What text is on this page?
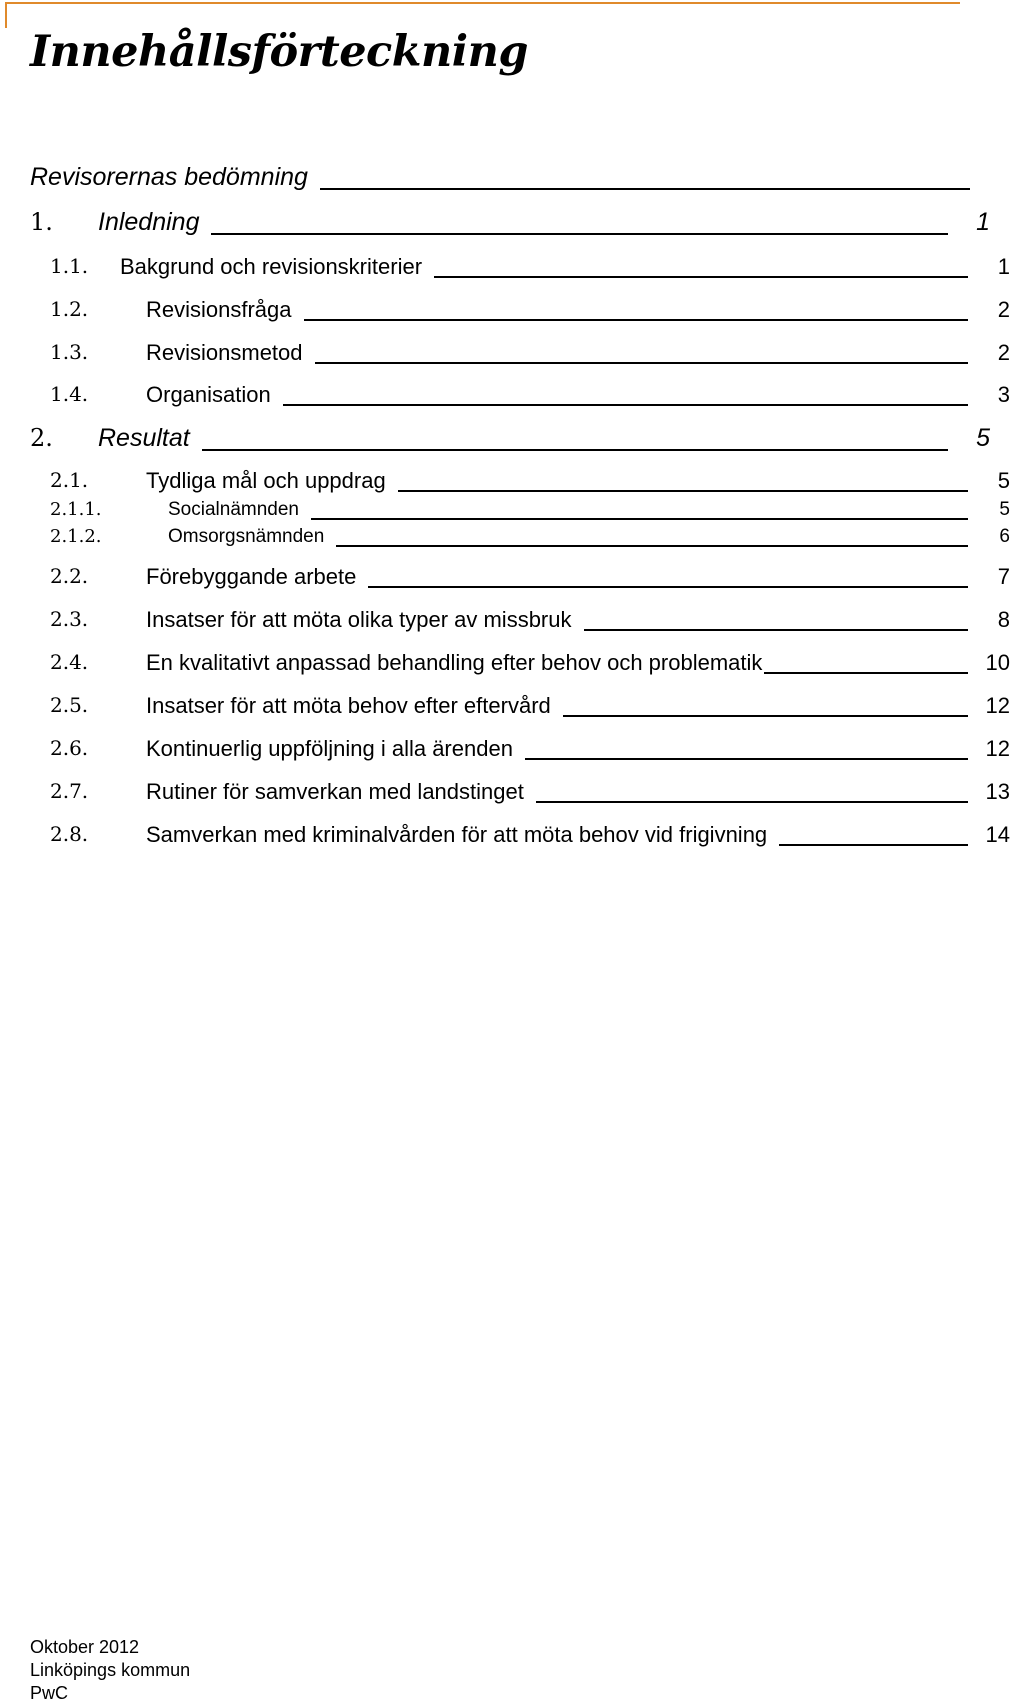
Innehållsförteckning
Revisorernas bedömning
1.	Inledning	1
1.1.	Bakgrund och revisionskriterier	1
1.2.	Revisionsfråga	2
1.3.	Revisionsmetod	2
1.4.	Organisation	3
2.	Resultat	5
2.1.	Tydliga mål och uppdrag	5
2.1.1.	Socialnämnden	5
2.1.2.	Omsorgsnämnden	6
2.2.	Förebyggande arbete	7
2.3.	Insatser för att möta olika typer av missbruk	8
2.4.	En kvalitativt anpassad behandling efter behov och problematik	10
2.5.	Insatser för att möta behov efter eftervård	12
2.6.	Kontinuerlig uppföljning i alla ärenden	12
2.7.	Rutiner för samverkan med landstinget	13
2.8.	Samverkan med kriminalvården för att möta behov vid frigivning	14
Oktober 2012
Linköpings kommun
PwC
